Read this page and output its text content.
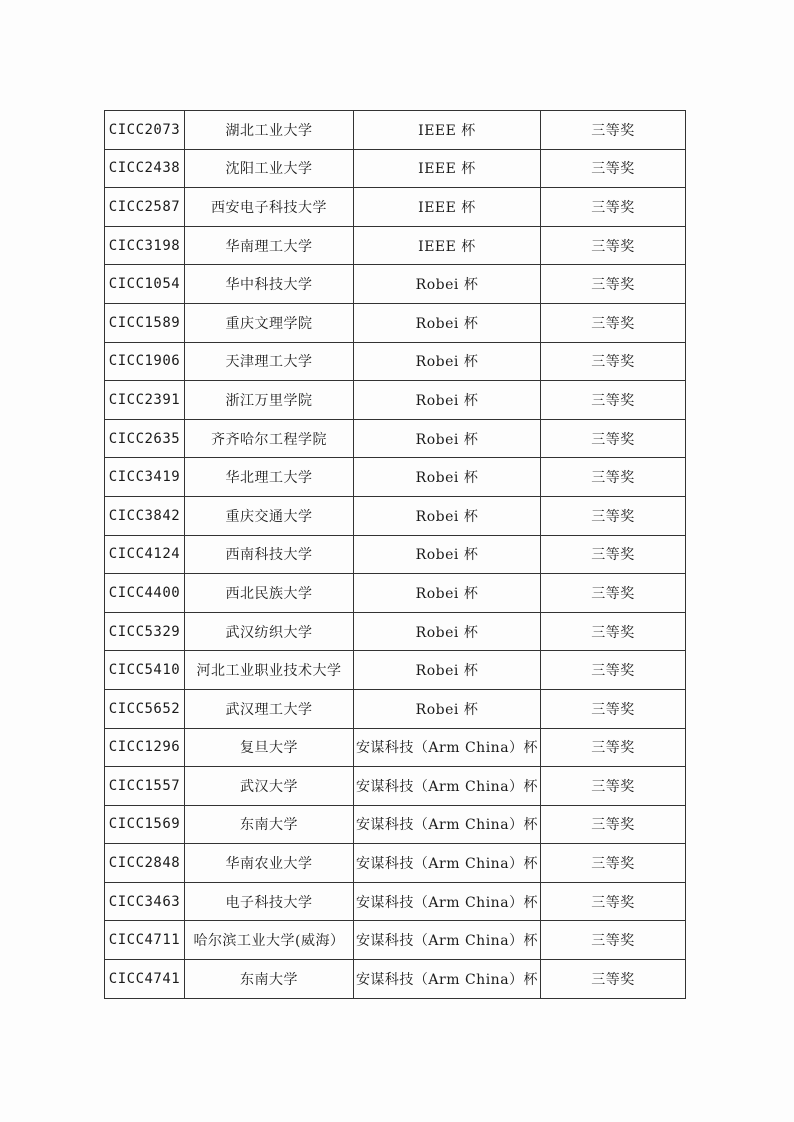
CICC2073	湖北工业大学	IEEE 杯	三等奖
CICC2438	沈阳工业大学	IEEE 杯	三等奖
CICC2587	西安电子科技大学	IEEE 杯	三等奖
CICC3198	华南理工大学	IEEE 杯	三等奖
CICC1054	华中科技大学	Robei 杯	三等奖
CICC1589	重庆文理学院	Robei 杯	三等奖
CICC1906	天津理工大学	Robei 杯	三等奖
CICC2391	浙江万里学院	Robei 杯	三等奖
CICC2635	齐齐哈尔工程学院	Robei 杯	三等奖
CICC3419	华北理工大学	Robei 杯	三等奖
CICC3842	重庆交通大学	Robei 杯	三等奖
CICC4124	西南科技大学	Robei 杯	三等奖
CICC4400	西北民族大学	Robei 杯	三等奖
CICC5329	武汉纺织大学	Robei 杯	三等奖
CICC5410	河北工业职业技术大学	Robei 杯	三等奖
CICC5652	武汉理工大学	Robei 杯	三等奖
CICC1296	复旦大学	安谋科技（Arm China）杯	三等奖
CICC1557	武汉大学	安谋科技（Arm China）杯	三等奖
CICC1569	东南大学	安谋科技（Arm China）杯	三等奖
CICC2848	华南农业大学	安谋科技（Arm China）杯	三等奖
CICC3463	电子科技大学	安谋科技（Arm China）杯	三等奖
CICC4711	哈尔滨工业大学(威海）	安谋科技（Arm China）杯	三等奖
CICC4741	东南大学	安谋科技（Arm China）杯	三等奖
